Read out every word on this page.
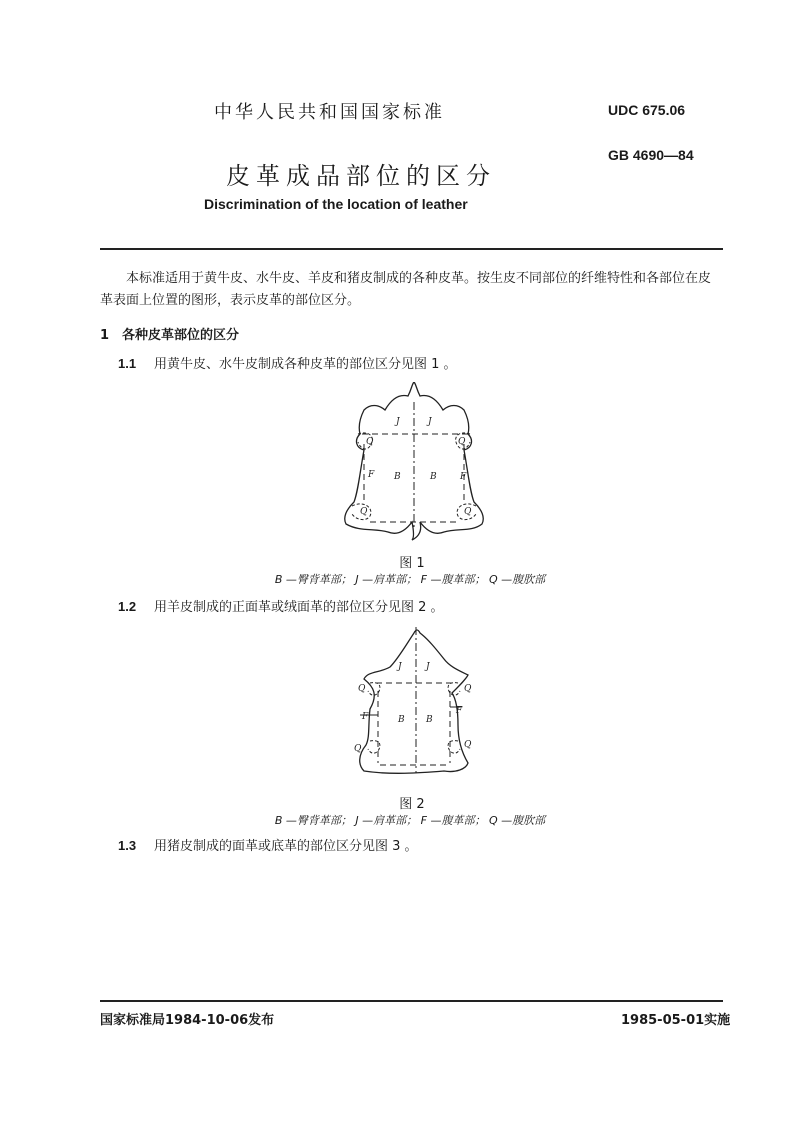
中华人民共和国国家标准	UDC 675.06
皮革成品部位的区分
GB 4690—84
Discrimination of the location of leather
本标准适用于黄牛皮、水牛皮、羊皮和猪皮制成的各种皮革。按生皮不同部位的纤维特性和各部位在皮革表面上位置的图形，表示皮革的部位区分。
1 各种皮革部位的区分
1.1 用黄牛皮、水牛皮制成各种皮革的部位区分见图 1 。
J	J
Q	Q
F	F
B	B
Q	Q
图 1
B —臀背革部； J —肩革部； F —腹革部； Q —腹肷部
1.2 用羊皮制成的正面革或绒面革的部位区分见图 2 。
J	J
Q	Q
F
F
B B
Q	Q
图 2
B —臀背革部； J —肩革部； F —腹革部； Q —腹肷部
1.3 用猪皮制成的面革或底革的部位区分见图 3 。
国家标准局1984-10-06发布	1985-05-01实施
